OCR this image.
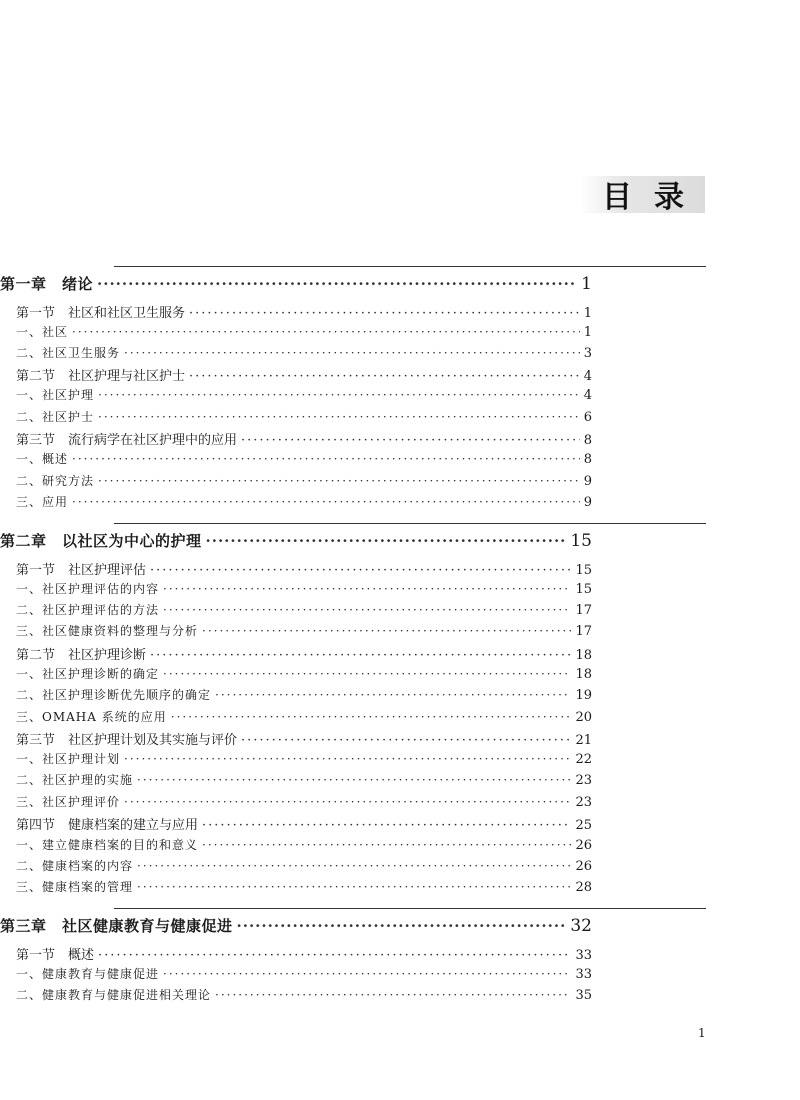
目录
1
第一章　绪论 ·····	1
第一节　社区和社区卫生服务 ·····	1
一、社区 ·····	1
二、社区卫生服务 ·····	3
第二节　社区护理与社区护士 ·····	4
一、社区护理 ·····	4
二、社区护士 ·····	6
第三节　流行病学在社区护理中的应用 ·····	8
一、概述 ·····	8
二、研究方法 ·····	9
三、应用 ·····	9
第二章　以社区为中心的护理 ·····	15
第一节　社区护理评估 ·····	15
一、社区护理评估的内容 ·····	15
二、社区护理评估的方法 ·····	17
三、社区健康资料的整理与分析 ·····	17
第二节　社区护理诊断 ·····	18
一、社区护理诊断的确定 ·····	18
二、社区护理诊断优先顺序的确定 ·····	19
三、OMAHA 系统的应用 ·····	20
第三节　社区护理计划及其实施与评价 ·····	21
一、社区护理计划 ·····	22
二、社区护理的实施 ·····	23
三、社区护理评价 ·····	23
第四节　健康档案的建立与应用 ·····	25
一、建立健康档案的目的和意义 ·····	26
二、健康档案的内容 ·····	26
三、健康档案的管理 ·····	28
第三章　社区健康教育与健康促进 ·····	32
第一节　概述 ·····	33
一、健康教育与健康促进 ·····	33
二、健康教育与健康促进相关理论 ·····	35
